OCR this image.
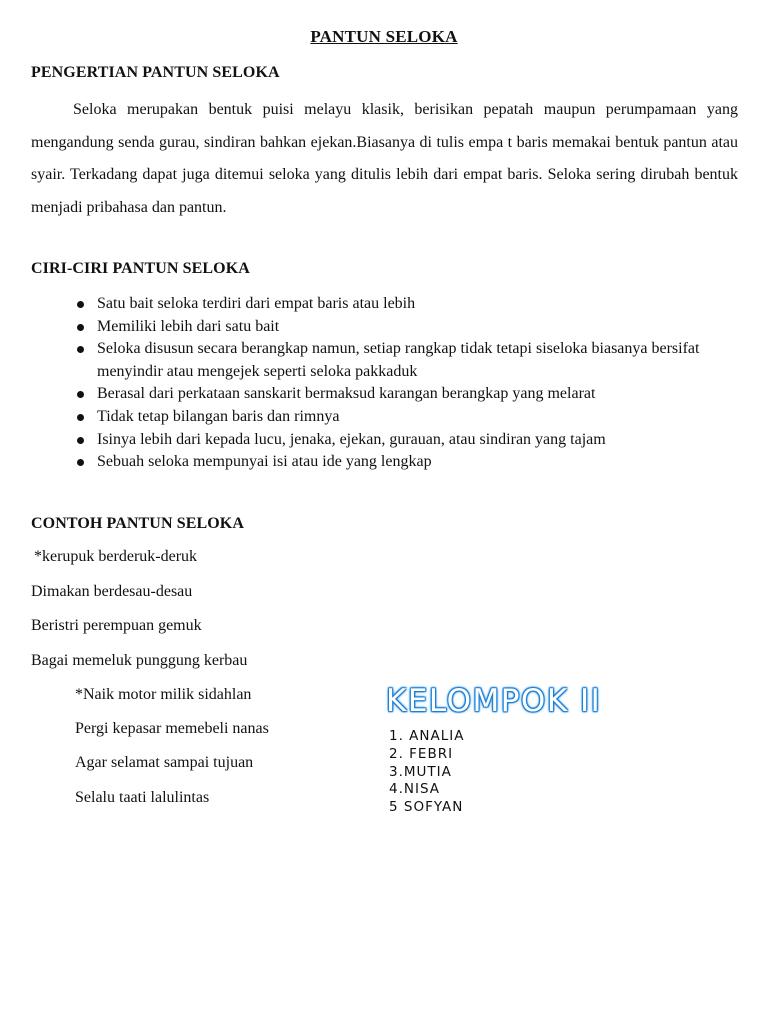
PANTUN SELOKA
PENGERTIAN PANTUN SELOKA

Seloka merupakan bentuk puisi melayu klasik, berisikan pepatah maupun perumpamaan yang mengandung senda gurau, sindiran bahkan ejekan.Biasanya di tulis empa t baris memakai bentuk pantun atau syair. Terkadang dapat juga ditemui seloka yang ditulis lebih dari empat baris. Seloka sering dirubah bentuk menjadi pribahasa dan pantun.

CIRI-CIRI PANTUN SELOKA
Satu bait seloka terdiri dari empat baris atau lebih
Memiliki lebih dari satu bait
Seloka disusun secara berangkap namun, setiap rangkap tidak tetapi siseloka biasanya bersifat menyindir atau mengejek seperti seloka pakkaduk
Berasal dari perkataan sanskarit bermaksud karangan berangkap yang melarat
Tidak tetap bilangan baris dan rimnya
Isinya lebih dari kepada lucu, jenaka, ejekan, gurauan, atau sindiran yang tajam
Sebuah seloka mempunyai isi atau ide yang lengkap
CONTOH PANTUN SELOKA
*kerupuk berderuk-deruk
Dimakan berdesau-desau
Beristri perempuan gemuk
Bagai memeluk punggung kerbau
*Naik motor milik sidahlan
Pergi kepasar memebeli nanas
Agar selamat sampai tujuan
Selalu taati lalulintas
KELOMPOK II
1. ANALIA
2. FEBRI
3.MUTIA
4.NISA
5 SOFYAN
